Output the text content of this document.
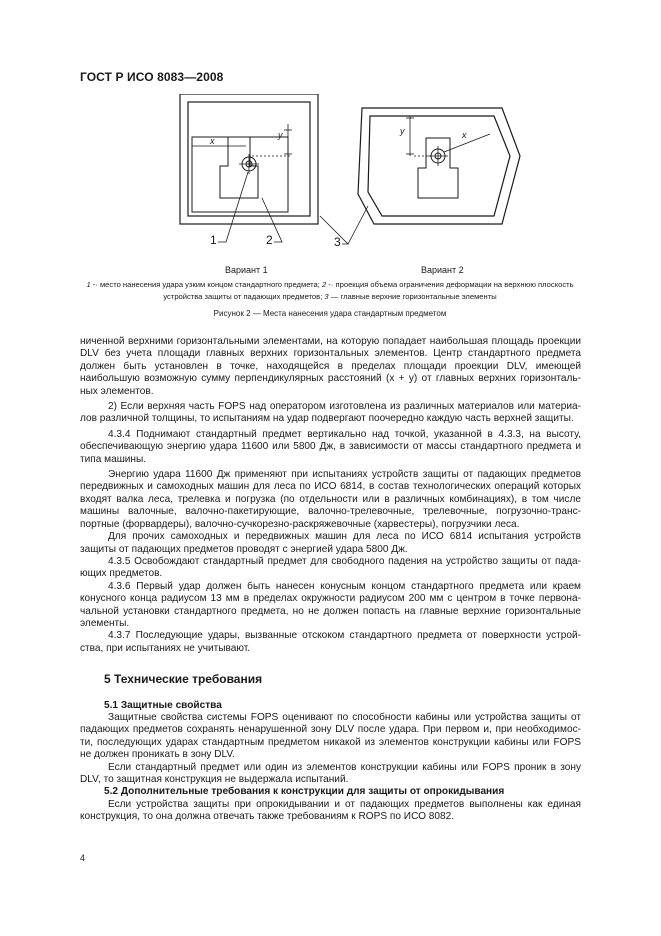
ГОСТ Р ИСО 8083—2008
1	2	3
x
y	x
y
Вариант 1	Вариант 2
1 -· место нанесения удара узким концом стандартного предмета; 2 -· проекция объема ограничения деформации на верхнюю плоскость устройства защиты от падающих предметов; 3 — главные верхние горизонтальные элементы
Рисунок 2 — Места нанесения удара стандартным предметом

ниченной верхними горизонтальными элементами, на которую попадает наибольшая площадь проекции DLV без учета площади главных верхних горизонтальных элементов. Центр стандартного предмета должен быть установлен в точке, находящейся в пределах площади проекции DLV, имеющей наибольшую возможную сумму перпендикулярных расстояний (x + y) от главных верхних горизонталь-ных элементов.

2) Если верхняя часть FOPS над оператором изготовлена из различных материалов или материа-лов различной толщины, то испытаниям на удар подвергают поочередно каждую часть верхней защиты.

4.3.4 Поднимают стандартный предмет вертикально над точкой, указанной в 4.3.3, на высоту, обеспечивающую энергию удара 11600 или 5800 Дж, в зависимости от массы стандартного предмета и типа машины.

Энергию удара 11600 Дж применяют при испытаниях устройств защиты от падающих предметов передвижных и самоходных машин для леса по ИСО 6814, в состав технологических операций которых входят валка леса, трелевка и погрузка (по отдельности или в различных комбинациях), в том числе машины валочные, валочно-пакетирующие, валочно-трелевочные, трелевочные, погрузочно-транс-портные (форвардеры), валочно-сучкорезно-раскряжевочные (харвестеры), погрузчики леса.

Для прочих самоходных и передвижных машин для леса по ИСО 6814 испытания устройств защиты от падающих предметов проводят с энергией удара 5800 Дж.

4.3.5 Освобождают стандартный предмет для свободного падения на устройство защиты от пада-ющих предметов.

4.3.6 Первый удар должен быть нанесен конусным концом стандартного предмета или краем конусного конца радиусом 13 мм в пределах окружности радиусом 200 мм с центром в точке первона-чальной установки стандартного предмета, но не должен попасть на главные верхние горизонтальные элементы.

4.3.7 Последующие удары, вызванные отскоком стандартного предмета от поверхности устрой-ства, при испытаниях не учитывают.

5 Технические требования

5.1 Защитные свойства

Защитные свойства системы FOPS оценивают по способности кабины или устройства защиты от падающих предметов сохранять ненарушенной зону DLV после удара. При первом и, при необходимос-ти, последующих ударах стандартным предметом никакой из элементов конструкции кабины или FOPS не должен проникать в зону DLV.

Если стандартный предмет или один из элементов конструкции кабины или FOPS проник в зону DLV, то защитная конструкция не выдержала испытаний.

5.2 Дополнительные требования к конструкции для защиты от опрокидывания

Если устройства защиты при опрокидывании и от падающих предметов выполнены как единая конструкция, то она должна отвечать также требованиям к ROPS по ИСО 8082.

4
